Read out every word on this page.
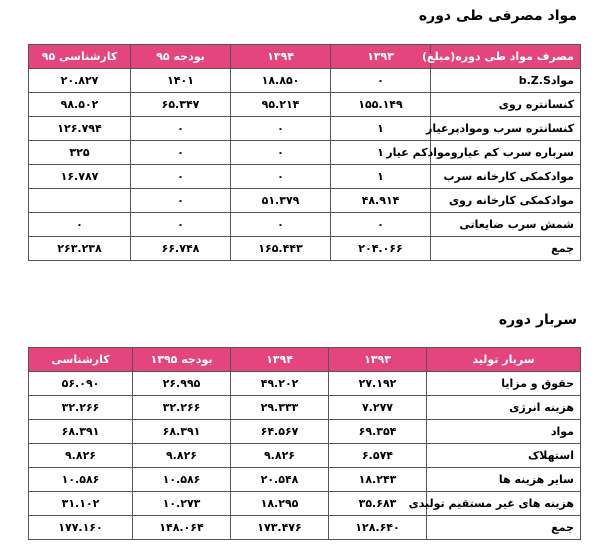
مواد مصرفی طی دوره
مصرف مواد طی دوره(مبلغ)	۱۳۹۳	۱۳۹۴	بودجه ۹۵	کارشناسی ۹۵
موادb.Z.S	۰	۱۸.۸۵۰	۱۴۰۱	۲۰.۸۲۷
کنسانتره روی	۱۵۵.۱۴۹	۹۵.۲۱۴	۶۵.۳۴۷	۹۸.۵۰۲
کنسانتره سرب وموادپرعیار	۱	۰	۰	۱۲۶.۷۹۴
سرباره سرب کم عیاروموادکم عیار	۱	۰	۰	۳۲۵
موادکمکی کارخانه سرب	۱	۰	۰	۱۶.۷۸۷
موادکمکی کارخانه روی	۴۸.۹۱۴	۵۱.۳۷۹	۰	
شمش سرب ضایعاتی	۰	۰	۰	۰
جمع	۲۰۴.۰۶۶	۱۶۵.۴۴۳	۶۶.۷۴۸	۲۶۳.۲۳۸
سربار دوره
سربار تولید	۱۳۹۳	۱۳۹۴	بودجه ۱۳۹۵	کارشناسی
حقوق و مزایا	۲۷.۱۹۲	۴۹.۲۰۲	۲۶.۹۹۵	۵۶.۰۹۰
هزینه انرژی	۷.۲۷۷	۲۹.۳۳۳	۳۲.۲۶۶	۳۲.۲۶۶
مواد	۶۹.۳۵۴	۶۴.۵۶۷	۶۸.۳۹۱	۶۸.۳۹۱
استهلاک	۶.۵۷۴	۹.۸۲۶	۹.۸۲۶	۹.۸۲۶
سایر هزینه ها	۱۸.۲۴۳	۲۰.۵۴۸	۱۰.۵۸۶	۱۰.۵۸۶
هزینه های غیر مستقیم تولیدی	۳۵.۶۸۳	۱۸.۲۹۵	۱۰.۲۷۳	۳۱.۱۰۲
جمع	۱۲۸.۶۴۰	۱۷۳.۴۷۶	۱۴۸.۰۶۴	۱۷۷.۱۶۰
